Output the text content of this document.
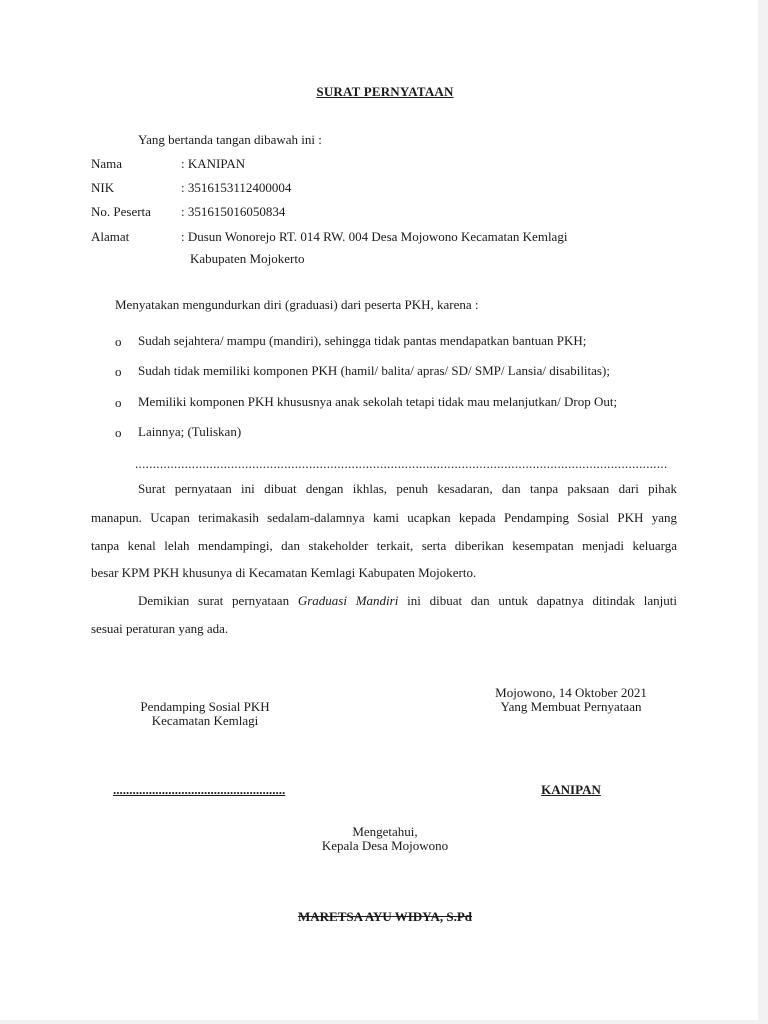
SURAT PERNYATAAN
Yang bertanda tangan dibawah ini :
Nama	: KANIPAN
NIK	: 3516153112400004
No. Peserta : 351615016050834
Alamat	: Dusun Wonorejo RT. 014 RW. 004 Desa Mojowono Kecamatan Kemlagi
Kabupaten Mojokerto
Menyatakan mengundurkan diri (graduasi) dari peserta PKH, karena :
o Sudah sejahtera/ mampu (mandiri), sehingga tidak pantas mendapatkan bantuan PKH;
o Sudah tidak memiliki komponen PKH (hamil/ balita/ apras/ SD/ SMP/ Lansia/ disabilitas);
o Memiliki komponen PKH khususnya anak sekolah tetapi tidak mau melanjutkan/ Drop Out;
o Lainnya; (Tuliskan)
......................................................................................................................................................
Surat pernyataan ini dibuat dengan ikhlas, penuh kesadaran, dan tanpa paksaan dari pihak
manapun. Ucapan terimakasih sedalam-dalamnya kami ucapkan kepada Pendamping Sosial PKH yang
tanpa kenal lelah mendampingi, dan stakeholder terkait, serta diberikan kesempatan menjadi keluarga
besar KPM PKH khusunya di Kecamatan Kemlagi Kabupaten Mojokerto.
Demikian surat pernyataan Graduasi Mandiri ini dibuat dan untuk dapatnya ditindak lanjuti
sesuai peraturan yang ada.
Mojowono, 14 Oktober 2021
Yang Membuat Pernyataan
Pendamping Sosial PKH
Kecamatan Kemlagi
.....................................................	KANIPAN
Mengetahui,
Kepala Desa Mojowono
MARETSA AYU WIDYA, S.Pd
